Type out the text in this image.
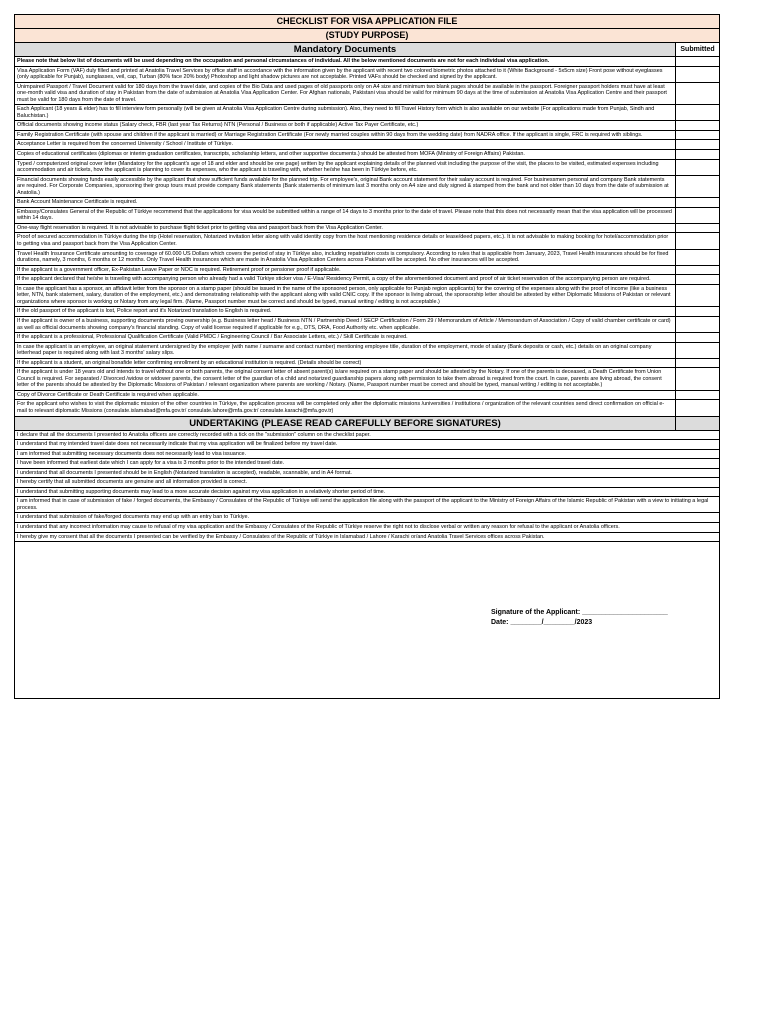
CHECKLIST FOR VISA APPLICATION FILE	
(STUDY PURPOSE)	
Mandatory Documents	Submitted
Please note that below list of documents will be used depending on the occupation and personal circumstances of individual. All the below mentioned documents are not for each individual visa application.	
Visa Application Form (VAF) duly filled and printed at Anatolia Travel Services by office staff in accordance with the information given by the applicant with recent two colored biometric photos attached to it (White Background - 5x5cm size) Front pose without eyeglasses (only applicable for Punjab), sunglasses, veil, cap, Turban (80% face 20% body) Photoshop and light shadow pictures are not acceptable. Printed VAFs should be checked and signed by the applicant.	
Unimpaired Passport / Travel Document valid for 180 days from the travel date, and copies of the Bio Data and used pages of old passports only on A4 size and minimum two blank pages should be available in the passport. Foreigner passport holders must have at least one-month valid visa and duration of stay in Pakistan from the date of submission at Anatolia Visa Application Center. For Afghan nationals, Pakistani visa should be valid for minimum 90 days at the time of submission at Anatolia Visa Application Centre and their passport must be valid for 180 days from the date of travel.	
Each Applicant (18 years & elder) has to fill interview form personally (will be given at Anatolia Visa Application Centre during submission). Also, they need to fill Travel History form which is also available on our website (For applications made from Punjab, Sindh and Baluchistan.)	
Official documents showing income status (Salary check, FBR (last year Tax Returns) NTN (Personal / Business or both if applicable) Active Tax Payer Certificate, etc.)	
Family Registration Certificate (with spouse and children if the applicant is married) or Marriage Registration Certificate (For newly married couples within 90 days from the wedding date) from NADRA office. If the applicant is single, FRC is required with siblings.	
Acceptance Letter is required from the concerned University / School / Institute of Türkiye.	
Copies of educational certificates (diplomas or interim graduation certificates, transcripts, scholarship letters, and other supportive documents.) should be attested from MOFA (Ministry of Foreign Affairs) Pakistan.	
Typed / computerized original cover letter (Mandatory for the applicant's age of 18 and elder and should be one page) written by the applicant explaining details of the planned visit including the purpose of the visit, the places to be visited, estimated expenses including accommodation and air tickets, how the applicant is planning to cover its expenses, who the applicant is traveling with, whether he/she has been in Türkiye before, etc.	
Financial documents showing funds easily accessible by the applicant that show sufficient funds available for the planned trip. For employee's, original Bank account statement for their salary account is required. For businessmen personal and company Bank statements are required. For Corporate Companies, sponsoring their group tours must provide company Bank statements (Bank statements of minimum last 3 months only on A4 size and duly signed & stamped from the bank and not older than 10 days from the date of submission at Anatolia.)	
Bank Account Maintenance Certificate is required.	
Embassy/Consulates General of the Republic of Türkiye recommend that the applications for visa would be submitted within a range of 14 days to 3 months prior to the date of travel. Please note that this does not necessarily mean that the visa application will be processed within 14 days.	
One-way flight reservation is required. It is not advisable to purchase flight ticket prior to getting visa and passport back from the Visa Application Center.	
Proof of secured accommodation in Türkiye during the trip (Hotel reservation, Notarized invitation letter along with valid identity copy from the host mentioning residence details or lease/deed papers, etc.). It is not advisable to making booking for hotel/accommodation prior to getting visa and passport back from the Visa Application Center.	
Travel Health Insurance Certificate amounting to coverage of 60.000 US Dollars which covers the period of stay in Türkiye also, including repatriation costs is compulsory. According to rules that is applicable from January, 2023, Travel Health insurances should be for fixed durations, namely, 3 months, 6 months or 12 months. Only Travel Health insurances which are made in Anatolia Visa Application Centers across Pakistan will be accepted. No other insurances will be accepted.	
If the applicant is a government officer, Ex-Pakistan Leave Paper or NOC is required. Retirement proof or pensioner proof if applicable.	
If the applicant declared that he/she is traveling with accompanying person who already had a valid Türkiye sticker visa / E-Visa/ Residency Permit, a copy of the aforementioned document and proof of air ticket reservation of the accompanying person are required.	
In case the applicant has a sponsor, an affidavit letter from the sponsor on a stamp paper (should be issued in the name of the sponsored person, only applicable for Punjab region applicants) for the covering of the expenses along with the proof of income (like a business letter, NTN, bank statement, salary, duration of the employment, etc.) and demonstrating relationship with the applicant along with valid CNIC copy. If the sponsor is living abroad, the sponsorship letter should be attested by either Diplomatic Missions of Pakistan or relevant organizations where sponsor is working or Notary from any legal firm. (Name, Passport number must be correct and should be typed, manual writing / editing is not acceptable.)	
If the old passport of the applicant is lost, Police report and it's Notarized translation to English is required.	
If the applicant is owner of a business, supporting documents proving ownership (e.g. Business letter head / Business NTN / Partnership Deed / SECP Certification / Form 29 / Memorandum of Article / Memorandum of Association / Copy of valid chamber certificate or card) as well as official documents showing company's financial standing. Copy of valid license required if applicable for e.g., DTS, DRA, Food Authority etc. when applicable.	
If the applicant is a professional, Professional Qualification Certificate (Valid PMDC / Engineering Council / Bar Associate Letters, etc.) / Skill Certificate is required.	
In case the applicant is an employee, an original statement undersigned by the employer (with name / surname and contact number) mentioning employee title, duration of the employment, mode of salary (Bank deposits or cash, etc.) details on an original company letterhead paper is required along with last 3 months' salary slips.	
If the applicant is a student, an original bonafide letter confirming enrollment by an educational institution is required. (Details should be correct)	
If the applicant is under 18 years old and intends to travel without one or both parents, the original consent letter of absent parent(s) is/are required on a stamp paper and should be attested by the Notary. If one of the parents is deceased, a Death Certificate from Union Council is required. For separated / Divorced /widow or widower parents, the consent letter of the guardian of a child and notarized guardianship papers along with permission to take them abroad is required from the court. In case, parents are living abroad, the consent letter of the parents should be attested by the Diplomatic Missions of Pakistan / relevant organization where parents are working / Notary. (Name, Passport number must be correct and should be typed, manual writing / editing is not acceptable.)	
Copy of Divorce Certificate or Death Certificate is required when applicable.	
For the applicant who wishes to visit the diplomatic mission of the other countries in Türkiye, the application process will be completed only after the diplomatic missions /universities / institutions / organization of the relevant countries send direct confirmation on official e-mail to relevant diplomatic Missions (consulate.islamabad@mfa.gov.tr/ consulate.lahore@mfa.gov.tr/ consulate.karachi@mfa.gov.tr)	
UNDERTAKING (PLEASE READ CAREFULLY BEFORE SIGNATURES)	
I declare that all the documents I presented to Anatolia officers are correctly recorded with a tick on the "submission" column on the checklist paper.	
I understand that my intended travel date does not necessarily indicate that my visa application will be finalized before my travel date.	
I am informed that submitting necessary documents does not necessarily lead to visa issuance.	
I have been informed that earliest date which I can apply for a visa is 3 months prior to the intended travel date.	
I understand that all documents I presented should be in English (Notarized translation is accepted), readable, scannable, and in A4 format.	
I hereby certify that all submitted documents are genuine and all information provided is correct.	
I understand that submitting supporting documents may lead to a more accurate decision against my visa application in a relatively shorter period of time.	
I am informed that in case of submission of fake / forged documents, the Embassy / Consulates of the Republic of Türkiye will send the application file along with the passport of the applicant to the Ministry of Foreign Affairs of the Islamic Republic of Pakistan with a view to initiating a legal process.	
I understand that submission of fake/forged documents may end up with an entry ban to Türkiye.	
I understand that any incorrect information may cause to refusal of my visa application and the Embassy / Consulates of the Republic of Türkiye reserve the right not to disclose verbal or written any reason for refusal to the applicant or Anatolia officers.	
I hereby give my consent that all the documents I presented can be verified by the Embassy / Consulates of the Republic of Türkiye in Islamabad / Lahore / Karachi or/and Anatolia Travel Services offices across Pakistan.	

Signature of the Applicant: ______________________
Date: ________/________/2023	
